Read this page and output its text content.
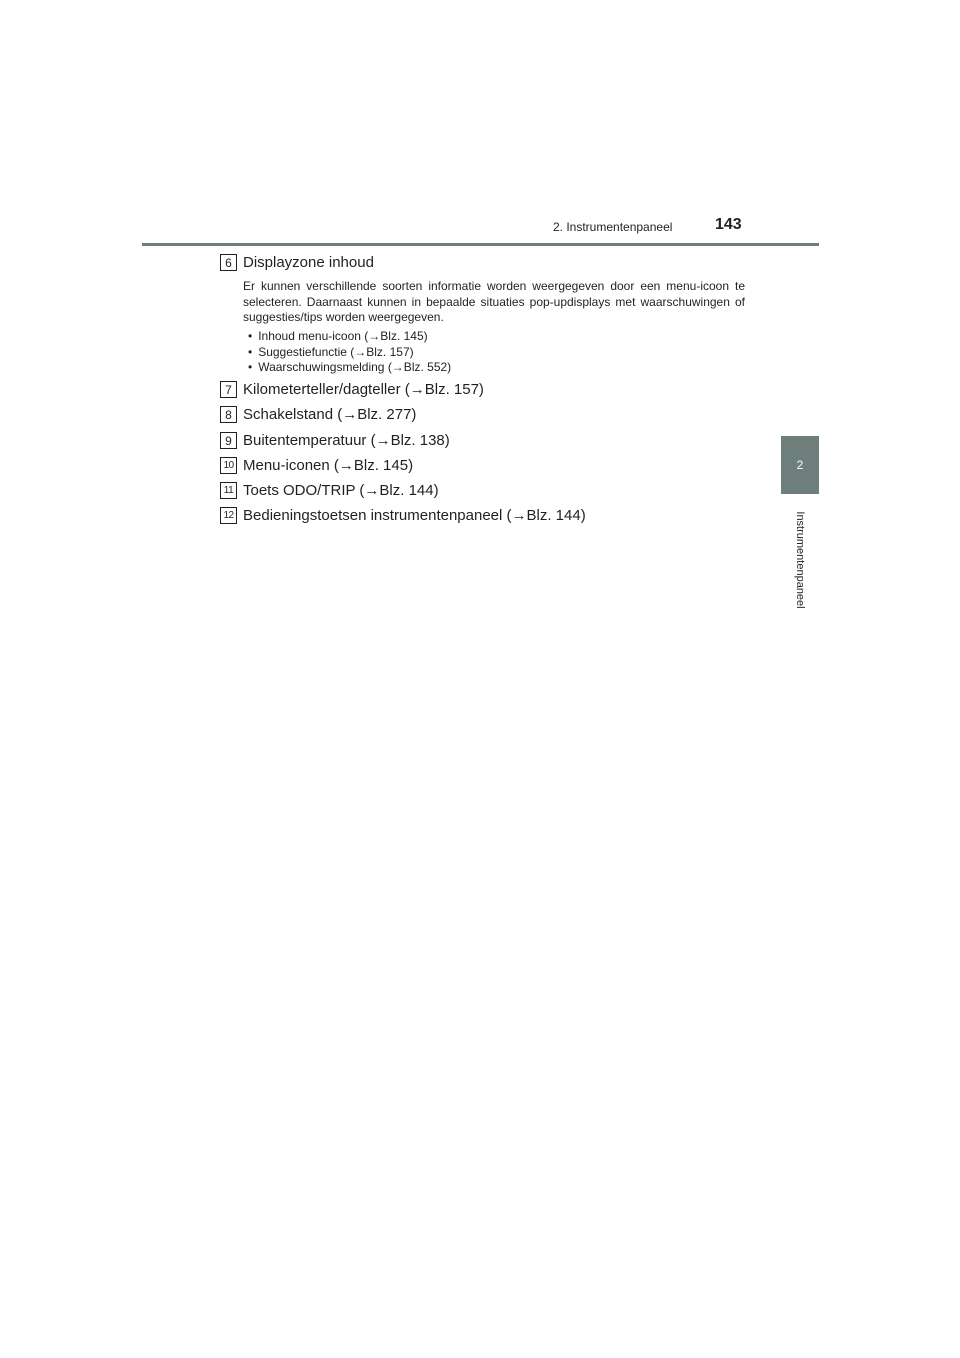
2. Instrumentenpaneel	143
2
Instrumentenpaneel
6 Displayzone inhoud
Er kunnen verschillende soorten informatie worden weergegeven door een menu-icoon te selecteren. Daarnaast kunnen in bepaalde situaties pop-updisplays met waarschuwingen of suggesties/tips worden weergegeven.
• Inhoud menu-icoon (→Blz. 145)
• Suggestiefunctie (→Blz. 157)
• Waarschuwingsmelding (→Blz. 552)
7 Kilometerteller/dagteller (→Blz. 157)
8 Schakelstand (→Blz. 277)
9 Buitentemperatuur (→Blz. 138)
10 Menu-iconen (→Blz. 145)
11 Toets ODO/TRIP (→Blz. 144)
12 Bedieningstoetsen instrumentenpaneel (→Blz. 144)
